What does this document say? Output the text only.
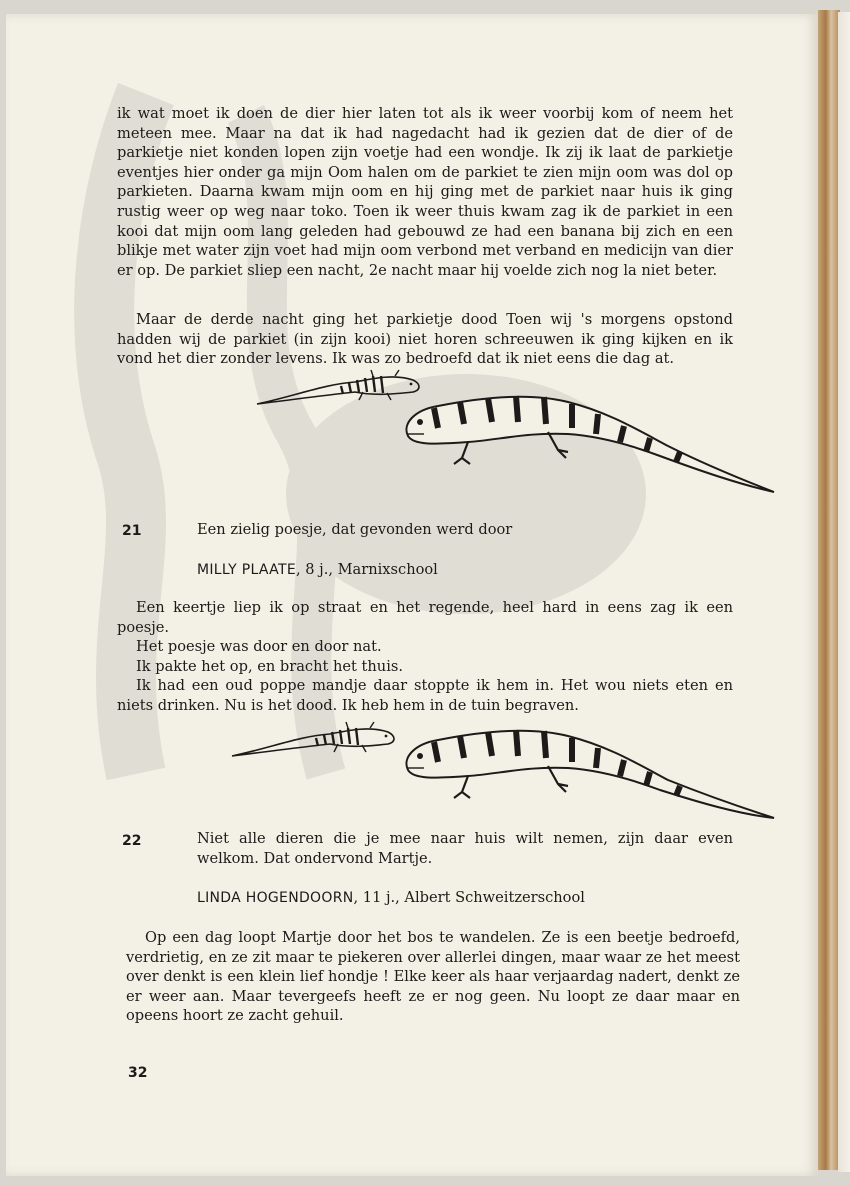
ik wat moet ik doen de dier hier laten tot als ik weer voorbij kom of neem het meteen mee. Maar na dat ik had nagedacht had ik gezien dat de dier of de parkietje niet konden lopen zijn voetje had een wondje. Ik zij ik laat de parkietje eventjes hier onder ga mijn Oom halen om de parkiet te zien mijn oom was dol op parkieten. Daarna kwam mijn oom en hij ging met de parkiet naar huis ik ging rustig weer op weg naar toko. Toen ik weer thuis kwam zag ik de parkiet in een kooi dat mijn oom lang geleden had gebouwd ze had een banana bij zich en een blikje met water zijn voet had mijn oom verbond met verband en medicijn van dier er op. De parkiet sliep een nacht, 2e nacht maar hij voelde zich nog la niet beter.

Maar de derde nacht ging het parkietje dood Toen wij 's morgens opstond hadden wij de parkiet (in zijn kooi) niet horen schreeuwen ik ging kijken en ik vond het dier zonder levens. Ik was zo bedroefd dat ik niet eens die dag at.

21	Een zielig poesje, dat gevonden werd door
MILLY PLAATE, 8 j., Marnixschool
Een keertje liep ik op straat en het regende, heel hard in eens zag ik een poesje.
Het poesje was door en door nat.
Ik pakte het op, en bracht het thuis.
Ik had een oud poppe mandje daar stoppte ik hem in. Het wou niets eten en niets drinken. Nu is het dood. Ik heb hem in de tuin begraven.
22	Niet alle dieren die je mee naar huis wilt nemen, zijn daar even welkom. Dat ondervond Martje.
LINDA HOGENDOORN, 11 j., Albert Schweitzerschool

Op een dag loopt Martje door het bos te wandelen. Ze is een beetje bedroefd, verdrietig, en ze zit maar te piekeren over allerlei dingen, maar waar ze het meest over denkt is een klein lief hondje ! Elke keer als haar verjaardag nadert, denkt ze er weer aan. Maar tevergeefs heeft ze er nog geen. Nu loopt ze daar maar en opeens hoort ze zacht gehuil.

32
